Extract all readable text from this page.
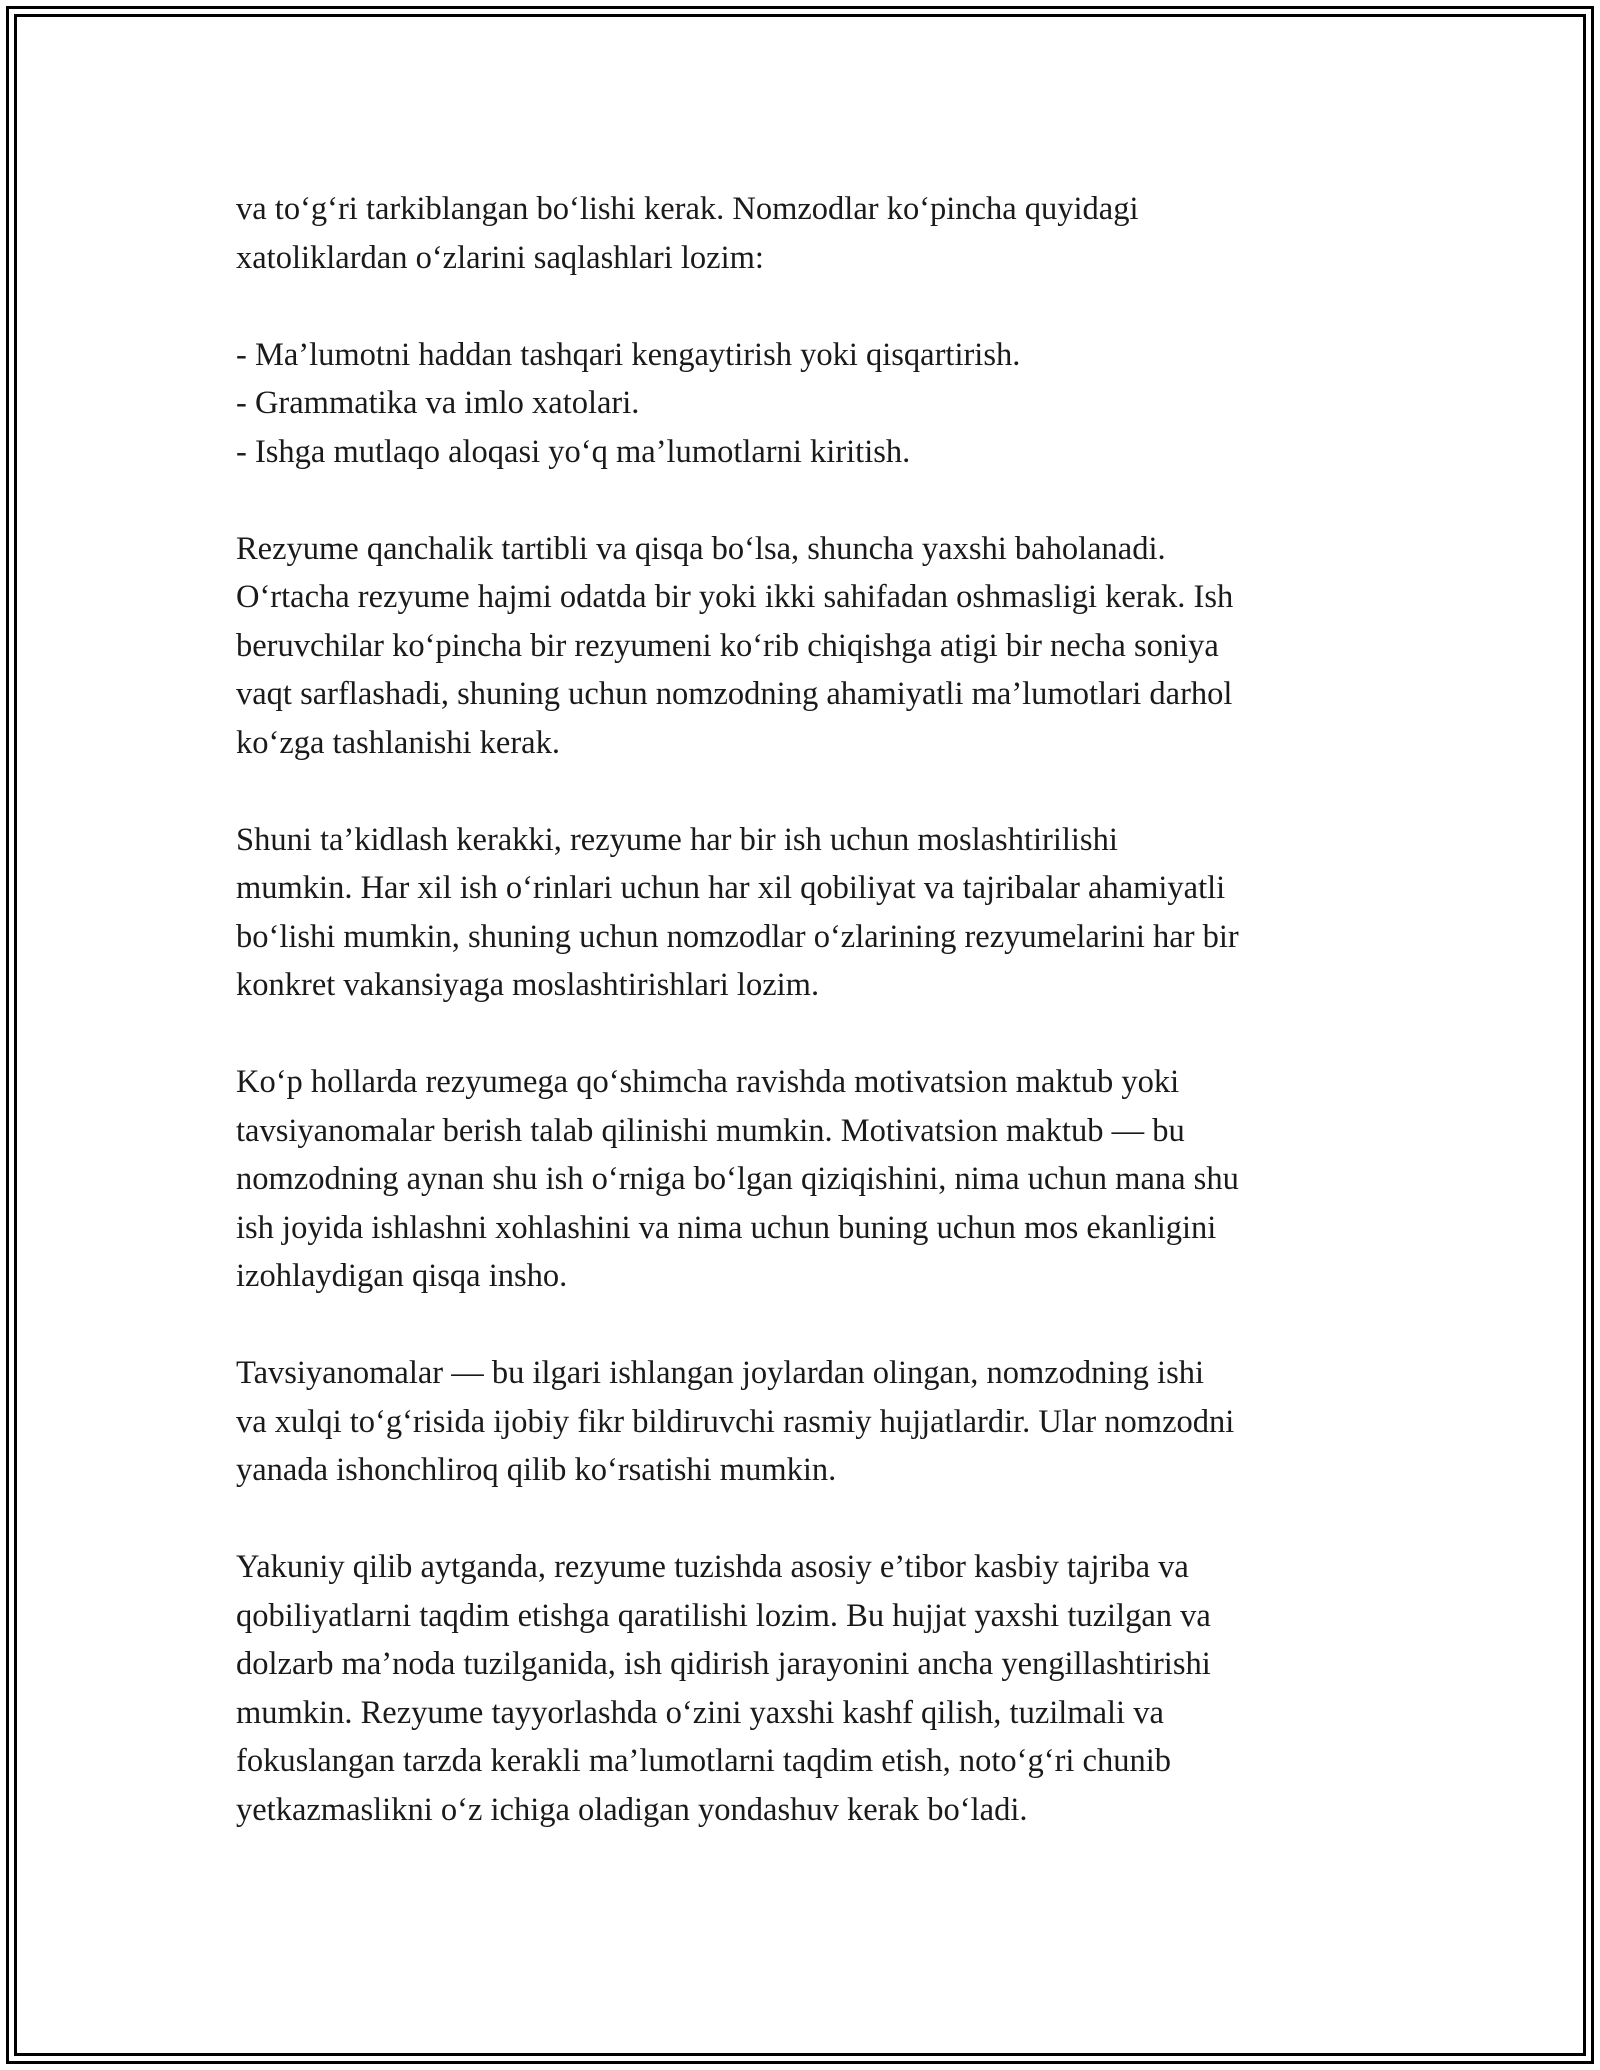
va to‘g‘ri tarkiblangan bo‘lishi kerak. Nomzodlar ko‘pincha quyidagi
xatoliklardan o‘zlarini saqlashlari lozim:

- Ma’lumotni haddan tashqari kengaytirish yoki qisqartirish.
- Grammatika va imlo xatolari.
- Ishga mutlaqo aloqasi yo‘q ma’lumotlarni kiritish.

Rezyume qanchalik tartibli va qisqa bo‘lsa, shuncha yaxshi baholanadi.
O‘rtacha rezyume hajmi odatda bir yoki ikki sahifadan oshmasligi kerak. Ish
beruvchilar ko‘pincha bir rezyumeni ko‘rib chiqishga atigi bir necha soniya
vaqt sarflashadi, shuning uchun nomzodning ahamiyatli ma’lumotlari darhol
ko‘zga tashlanishi kerak.

Shuni ta’kidlash kerakki, rezyume har bir ish uchun moslashtirilishi
mumkin. Har xil ish o‘rinlari uchun har xil qobiliyat va tajribalar ahamiyatli
bo‘lishi mumkin, shuning uchun nomzodlar o‘zlarining rezyumelarini har bir
konkret vakansiyaga moslashtirishlari lozim.

Ko‘p hollarda rezyumega qo‘shimcha ravishda motivatsion maktub yoki
tavsiyanomalar berish talab qilinishi mumkin. Motivatsion maktub — bu
nomzodning aynan shu ish o‘rniga bo‘lgan qiziqishini, nima uchun mana shu
ish joyida ishlashni xohlashini va nima uchun buning uchun mos ekanligini
izohlaydigan qisqa insho.

Tavsiyanomalar — bu ilgari ishlangan joylardan olingan, nomzodning ishi
va xulqi to‘g‘risida ijobiy fikr bildiruvchi rasmiy hujjatlardir. Ular nomzodni
yanada ishonchliroq qilib ko‘rsatishi mumkin.

Yakuniy qilib aytganda, rezyume tuzishda asosiy e’tibor kasbiy tajriba va
qobiliyatlarni taqdim etishga qaratilishi lozim. Bu hujjat yaxshi tuzilgan va
dolzarb ma’noda tuzilganida, ish qidirish jarayonini ancha yengillashtirishi
mumkin. Rezyume tayyorlashda o‘zini yaxshi kashf qilish, tuzilmali va
fokuslangan tarzda kerakli ma’lumotlarni taqdim etish, noto‘g‘ri chunib
yetkazmaslikni o‘z ichiga oladigan yondashuv kerak bo‘ladi.
